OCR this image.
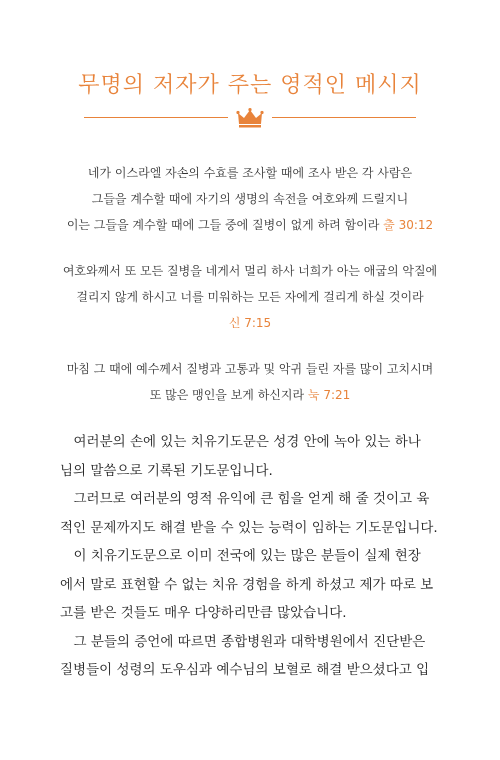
무명의 저자가 주는 영적인 메시지
네가 이스라엘 자손의 수효를 조사할 때에 조사 받은 각 사람은
그들을 계수할 때에 자기의 생명의 속전을 여호와께 드릴지니
이는 그들을 계수할 때에 그들 중에 질병이 없게 하려 함이라 출 30:12
여호와께서 또 모든 질병을 네게서 멀리 하사 너희가 아는 애굽의 악질에
걸리지 않게 하시고 너를 미워하는 모든 자에게 걸리게 하실 것이라
신 7:15
마침 그 때에 예수께서 질병과 고통과 및 악귀 들린 자를 많이 고치시며
또 많은 맹인을 보게 하신지라 눅 7:21
여러분의 손에 있는 치유기도문은 성경 안에 녹아 있는 하나
님의 말씀으로 기록된 기도문입니다.
그러므로 여러분의 영적 유익에 큰 힘을 얻게 해 줄 것이고 육
적인 문제까지도 해결 받을 수 있는 능력이 임하는 기도문입니다.
이 치유기도문으로 이미 전국에 있는 많은 분들이 실제 현장
에서 말로 표현할 수 없는 치유 경험을 하게 하셨고 제가 따로 보
고를 받은 것들도 매우 다양하리만큼 많았습니다.
그 분들의 증언에 따르면 종합병원과 대학병원에서 진단받은
질병들이 성령의 도우심과 예수님의 보혈로 해결 받으셨다고 입
